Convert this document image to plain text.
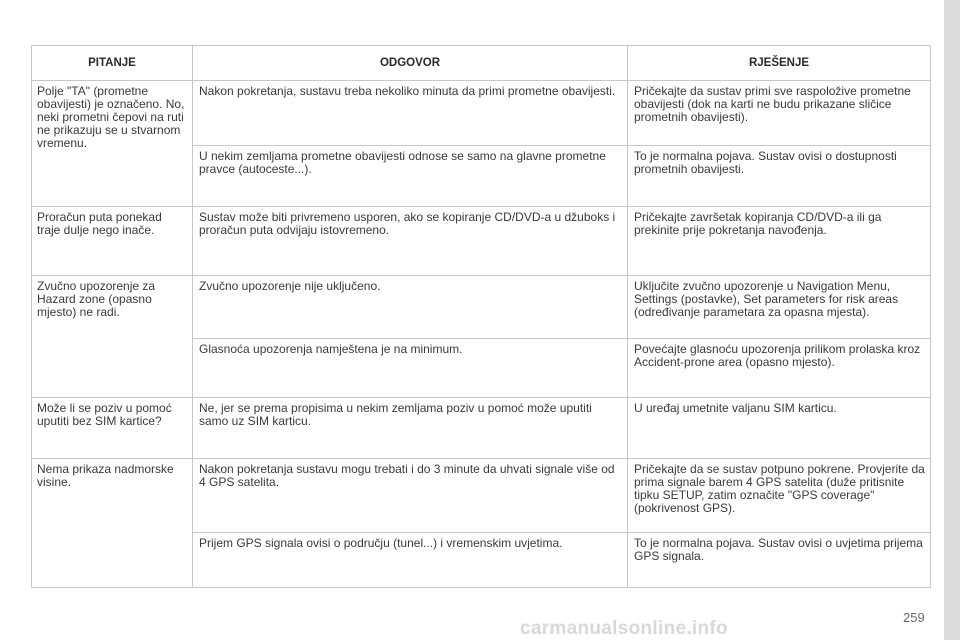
PITANJE	ODGOVOR	RJEŠENJE
Polje "TA" (prometne obavijesti) je označeno. No, neki prometni čepovi na ruti ne prikazuju se u stvarnom vremenu.	Nakon pokretanja, sustavu treba nekoliko minuta da primi prometne obavijesti.	Pričekajte da sustav primi sve raspoložive prometne obavijesti (dok na karti ne budu prikazane sličice prometnih obavijesti).
	U nekim zemljama prometne obavijesti odnose se samo na glavne prometne pravce (autoceste...).	To je normalna pojava. Sustav ovisi o dostupnosti prometnih obavijesti.
Proračun puta ponekad traje dulje nego inače.	Sustav može biti privremeno usporen, ako se kopiranje CD/DVD-a u džuboks i proračun puta odvijaju istovremeno.	Pričekajte završetak kopiranja CD/DVD-a ili ga prekinite prije pokretanja navođenja.
Zvučno upozorenje za Hazard zone (opasno mjesto) ne radi.	Zvučno upozorenje nije uključeno.	Uključite zvučno upozorenje u Navigation Menu, Settings (postavke), Set parameters for risk areas (određivanje parametara za opasna mjesta).
	Glasnoća upozorenja namještena je na minimum.	Povećajte glasnoću upozorenja prilikom prolaska kroz Accident-prone area (opasno mjesto).
Može li se poziv u pomoć uputiti bez SIM kartice?	Ne, jer se prema propisima u nekim zemljama poziv u pomoć može uputiti samo uz SIM karticu.	U uređaj umetnite valjanu SIM karticu.
Nema prikaza nadmorske visine.	Nakon pokretanja sustavu mogu trebati i do 3 minute da uhvati signale više od 4 GPS satelita.	Pričekajte da se sustav potpuno pokrene. Provjerite da prima signale barem 4 GPS satelita (duže pritisnite tipku SETUP, zatim označite "GPS coverage" (pokrivenost GPS).
	Prijem GPS signala ovisi o području (tunel...) i vremenskim uvjetima.	To je normalna pojava. Sustav ovisi o uvjetima prijema GPS signala.
carmanualsonline.info
259
